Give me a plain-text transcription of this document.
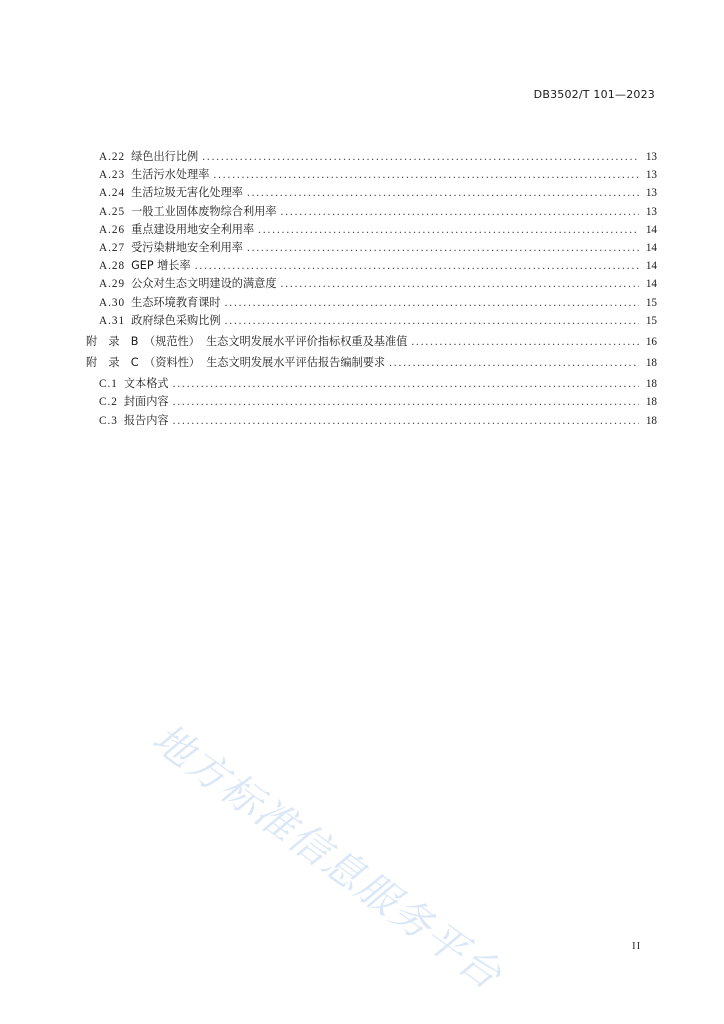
DB3502/T 101—2023
A.22 绿色出行比例 .....	13
A.23 生活污水处理率 .....	13
A.24 生活垃圾无害化处理率 .....	13
A.25 一般工业固体废物综合利用率 .....	13
A.26 重点建设用地安全利用率 .....	14
A.27 受污染耕地安全利用率 .....	14
A.28 GEP 增长率 .....	14
A.29 公众对生态文明建设的满意度 .....	14
A.30 生态环境教育课时 .....	15
A.31 政府绿色采购比例 .....	15
附　录　B　（规范性） 生态文明发展水平评价指标权重及基准值 .....	16
附　录　C　（资料性） 生态文明发展水平评估报告编制要求 .....	18
C.1 文本格式 .....	18
C.2 封面内容 .....	18
C.3 报告内容 .....	18
地方标准信息服务平台	II
